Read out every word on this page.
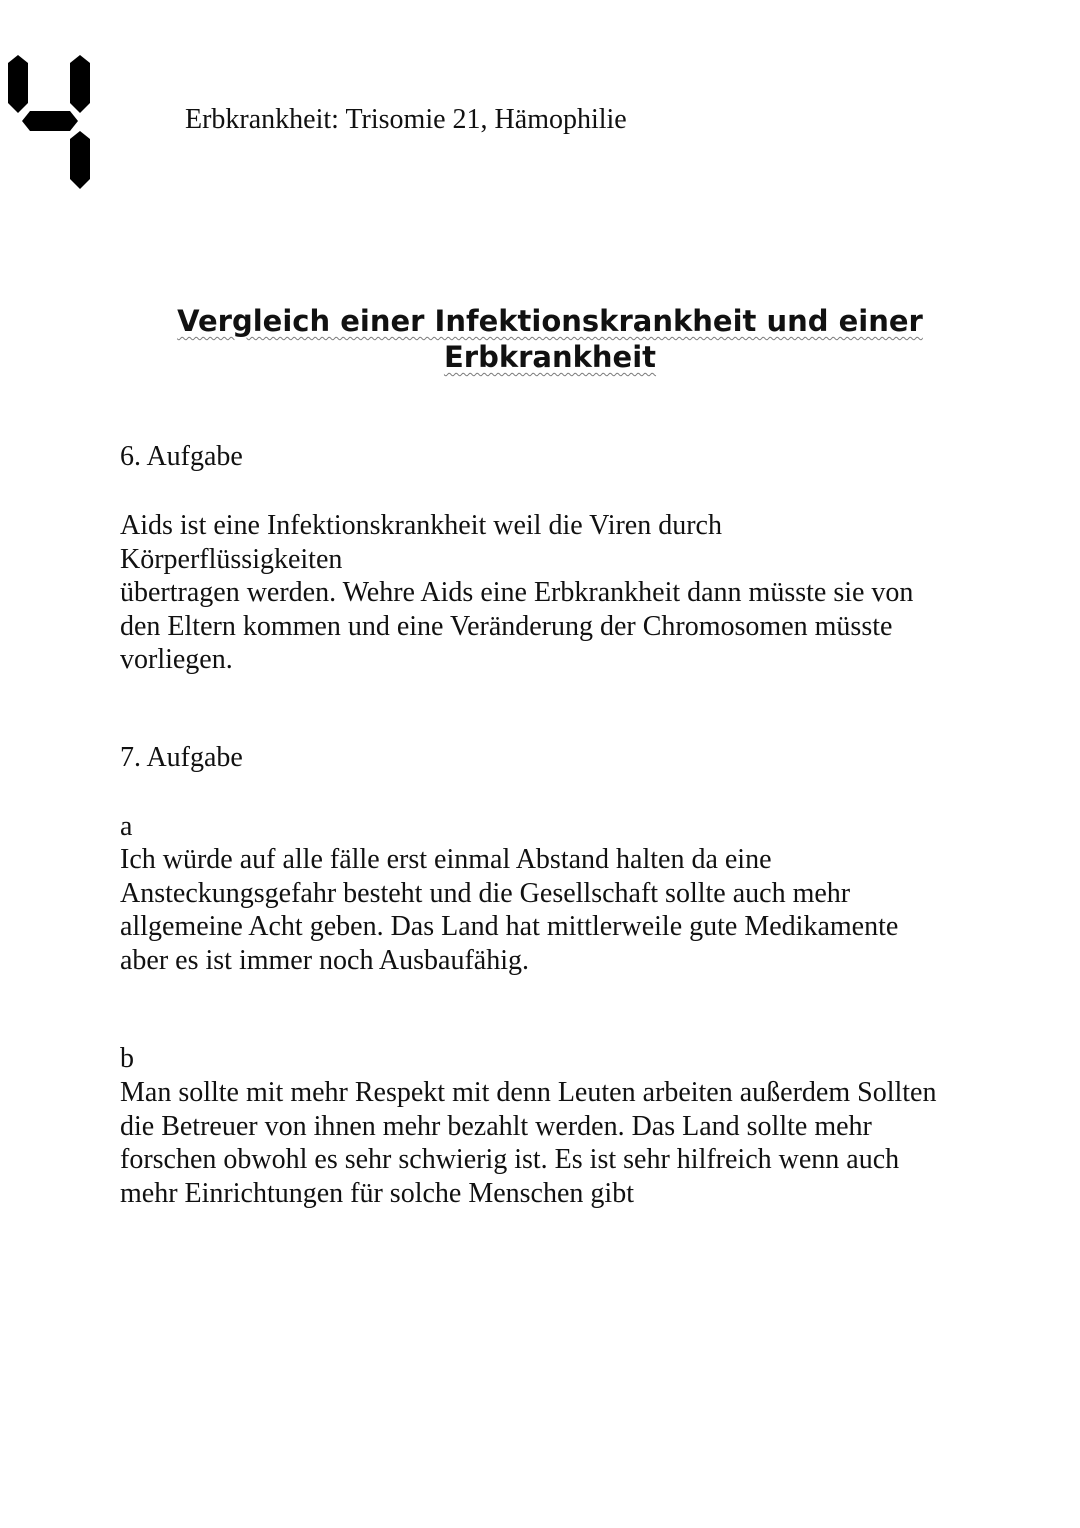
Erbkrankheit: Trisomie 21, Hämophilie
Vergleich einer Infektionskrankheit und einer
Erbkrankheit
6. Aufgabe
Aids ist eine Infektionskrankheit weil die Viren durch
Körperflüssigkeiten
übertragen werden. Wehre Aids eine Erbkrankheit dann müsste sie von
den Eltern kommen und eine Veränderung der Chromosomen müsste
vorliegen.
7. Aufgabe
a
Ich würde auf alle fälle erst einmal Abstand halten da eine
Ansteckungsgefahr besteht und die Gesellschaft sollte auch mehr
allgemeine Acht geben. Das Land hat mittlerweile gute Medikamente
aber es ist immer noch Ausbaufähig.
b
Man sollte mit mehr Respekt mit denn Leuten arbeiten außerdem Sollten
die Betreuer von ihnen mehr bezahlt werden. Das Land sollte mehr
forschen obwohl es sehr schwierig ist. Es ist sehr hilfreich wenn auch
mehr Einrichtungen für solche Menschen gibt
